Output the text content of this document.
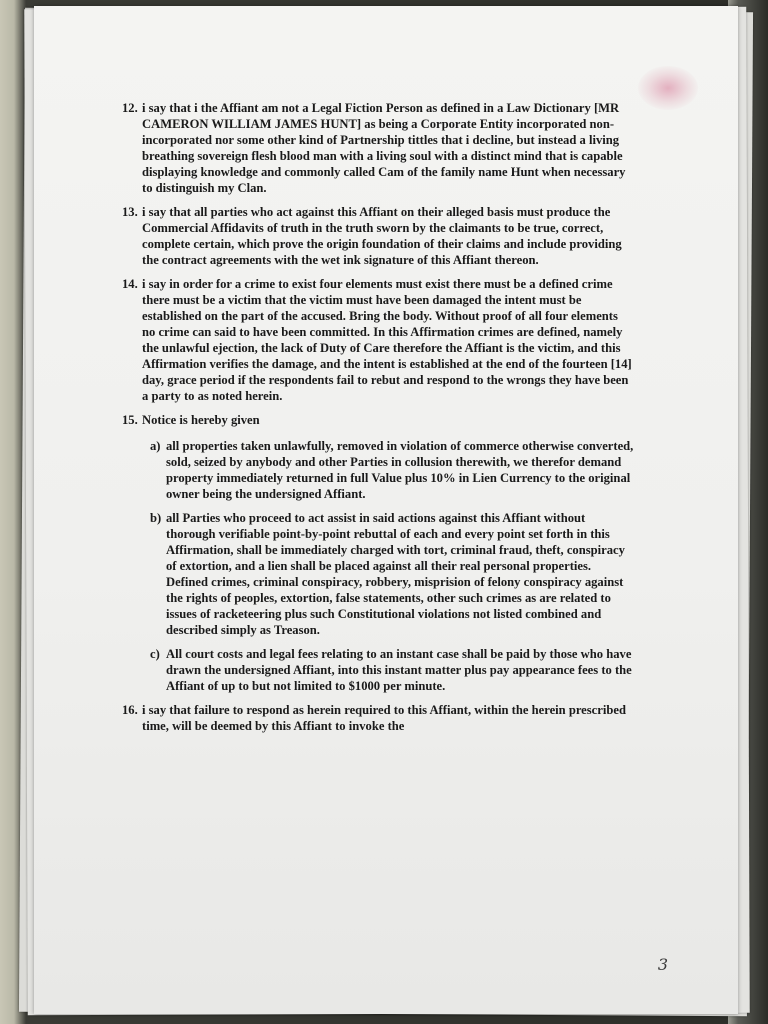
12. i say that i the Affiant am not a Legal Fiction Person as defined in a Law Dictionary [MR CAMERON WILLIAM JAMES HUNT] as being a Corporate Entity incorporated non-incorporated nor some other kind of Partnership tittles that i decline, but instead a living breathing sovereign flesh blood man with a living soul with a distinct mind that is capable displaying knowledge and commonly called Cam of the family name Hunt when necessary to distinguish my Clan.
13. i say that all parties who act against this Affiant on their alleged basis must produce the Commercial Affidavits of truth in the truth sworn by the claimants to be true, correct, complete certain, which prove the origin foundation of their claims and include providing the contract agreements with the wet ink signature of this Affiant thereon.
14. i say in order for a crime to exist four elements must exist there must be a defined crime there must be a victim that the victim must have been damaged the intent must be established on the part of the accused. Bring the body. Without proof of all four elements no crime can said to have been committed. In this Affirmation crimes are defined, namely the unlawful ejection, the lack of Duty of Care therefore the Affiant is the victim, and this Affirmation verifies the damage, and the intent is established at the end of the fourteen [14] day, grace period if the respondents fail to rebut and respond to the wrongs they have been a party to as noted herein.
15. Notice is hereby given
a) all properties taken unlawfully, removed in violation of commerce otherwise converted, sold, seized by anybody and other Parties in collusion therewith, we therefor demand property immediately returned in full Value plus 10% in Lien Currency to the original owner being the undersigned Affiant.
b) all Parties who proceed to act assist in said actions against this Affiant without thorough verifiable point-by-point rebuttal of each and every point set forth in this Affirmation, shall be immediately charged with tort, criminal fraud, theft, conspiracy of extortion, and a lien shall be placed against all their real personal properties. Defined crimes, criminal conspiracy, robbery, misprision of felony conspiracy against the rights of peoples, extortion, false statements, other such crimes as are related to issues of racketeering plus such Constitutional violations not listed combined and described simply as Treason.
c) All court costs and legal fees relating to an instant case shall be paid by those who have drawn the undersigned Affiant, into this instant matter plus pay appearance fees to the Affiant of up to but not limited to $1000 per minute.
16. i say that failure to respond as herein required to this Affiant, within the herein prescribed time, will be deemed by this Affiant to invoke the
3
